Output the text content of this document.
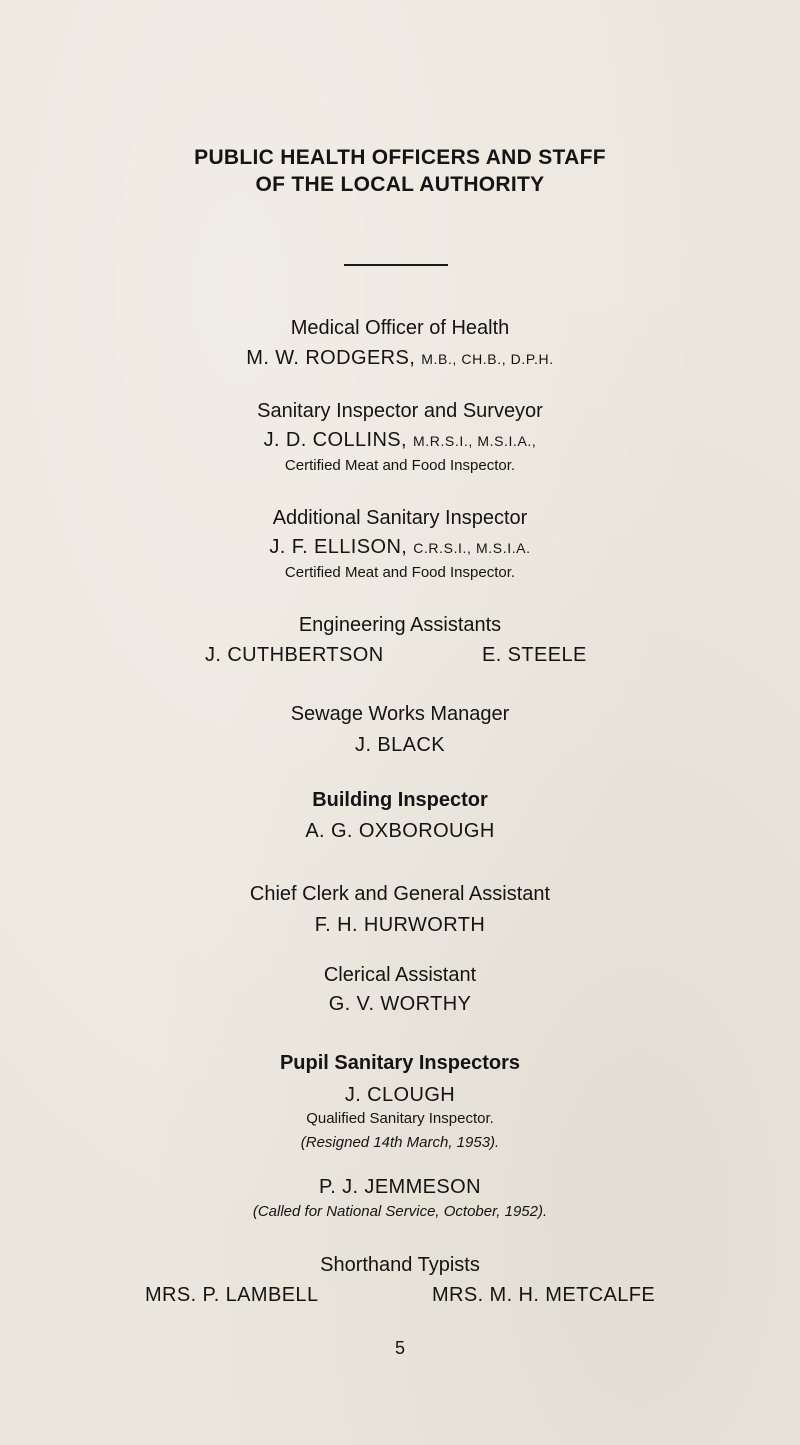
PUBLIC HEALTH OFFICERS AND STAFF
OF THE LOCAL AUTHORITY
Medical Officer of Health
M. W. RODGERS, M.B., CH.B., D.P.H.
Sanitary Inspector and Surveyor
J. D. COLLINS, M.R.S.I., M.S.I.A.,
Certified Meat and Food Inspector.
Additional Sanitary Inspector
J. F. ELLISON, C.R.S.I., M.S.I.A.
Certified Meat and Food Inspector.
Engineering Assistants
J. CUTHBERTSON	E. STEELE
Sewage Works Manager
J. BLACK
Building Inspector
A. G. OXBOROUGH
Chief Clerk and General Assistant
F. H. HURWORTH
Clerical Assistant
G. V. WORTHY
Pupil Sanitary Inspectors
J. CLOUGH
Qualified Sanitary Inspector.
(Resigned 14th March, 1953).
P. J. JEMMESON
(Called for National Service, October, 1952).
Shorthand Typists
MRS. P. LAMBELL	MRS. M. H. METCALFE
5
